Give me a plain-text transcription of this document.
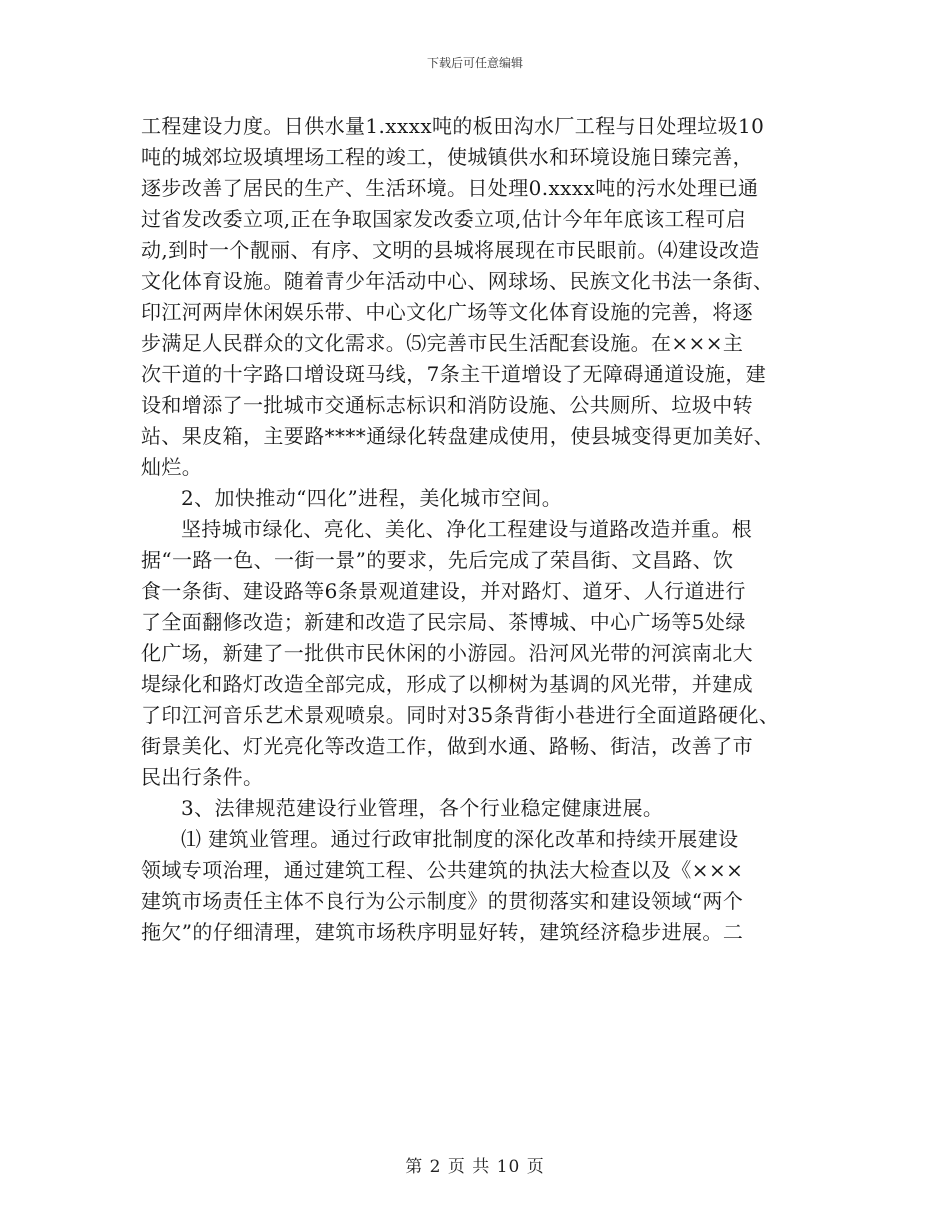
下载后可任意编辑
工程建设力度。日供水量1.xxxx吨的板田沟水厂工程与日处理垃圾10
吨的城郊垃圾填埋场工程的竣工，使城镇供水和环境设施日臻完善，
逐步改善了居民的生产、生活环境。日处理0.xxxx吨的污水处理已通
过省发改委立项,正在争取国家发改委立项,估计今年年底该工程可启
动,到时一个靓丽、有序、文明的县城将展现在市民眼前。⑷建设改造
文化体育设施。随着青少年活动中心、网球场、民族文化书法一条街、
印江河两岸休闲娱乐带、中心文化广场等文化体育设施的完善，将逐
步满足人民群众的文化需求。⑸完善市民生活配套设施。在×××主
次干道的十字路口增设斑马线，7条主干道增设了无障碍通道设施，建
设和增添了一批城市交通标志标识和消防设施、公共厕所、垃圾中转
站、果皮箱，主要路****通绿化转盘建成使用，使县城变得更加美好、
灿烂。
2、加快推动“四化”进程，美化城市空间。
坚持城市绿化、亮化、美化、净化工程建设与道路改造并重。根
据“一路一色、一街一景”的要求，先后完成了荣昌街、文昌路、饮
食一条街、建设路等6条景观道建设，并对路灯、道牙、人行道进行
了全面翻修改造；新建和改造了民宗局、茶博城、中心广场等5处绿
化广场，新建了一批供市民休闲的小游园。沿河风光带的河滨南北大
堤绿化和路灯改造全部完成，形成了以柳树为基调的风光带，并建成
了印江河音乐艺术景观喷泉。同时对35条背街小巷进行全面道路硬化、
街景美化、灯光亮化等改造工作，做到水通、路畅、街洁，改善了市
民出行条件。
3、法律规范建设行业管理，各个行业稳定健康进展。
⑴ 建筑业管理。通过行政审批制度的深化改革和持续开展建设
领域专项治理，通过建筑工程、公共建筑的执法大检查以及《×××
建筑市场责任主体不良行为公示制度》的贯彻落实和建设领域“两个
拖欠”的仔细清理，建筑市场秩序明显好转，建筑经济稳步进展。二
第 2 页 共 10 页
